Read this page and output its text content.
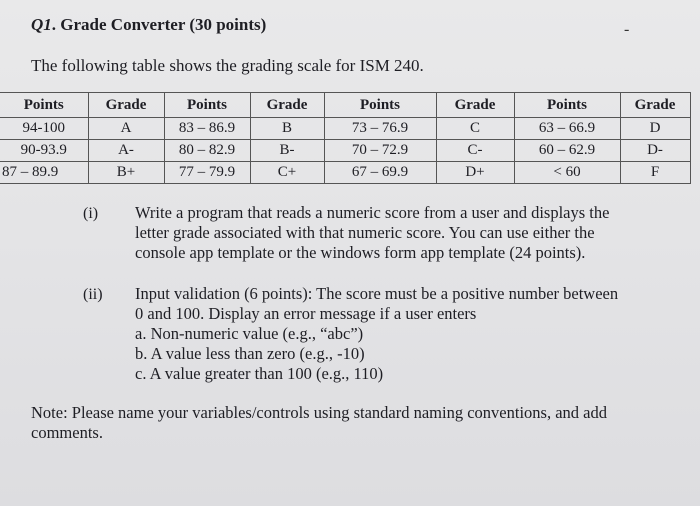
Q1. Grade Converter (30 points)	-
The following table shows the grading scale for ISM 240.
Points	Grade	Points	Grade	Points	Grade	Points	Grade
94-100	A	83 – 86.9	B	73 – 76.9	C	63 – 66.9	D
90-93.9	A-	80 – 82.9	B-	70 – 72.9	C-	60 – 62.9	D-
87 – 89.9	B+	77 – 79.9	C+	67 – 69.9	D+	< 60	F
(i) Write a program that reads a numeric score from a user and displays the
letter grade associated with that numeric score. You can use either the
console app template or the windows form app template (24 points).
(ii) Input validation (6 points): The score must be a positive number between
0 and 100. Display an error message if a user enters
a. Non-numeric value (e.g., “abc”)
b. A value less than zero (e.g., -10)
c. A value greater than 100 (e.g., 110)
Note: Please name your variables/controls using standard naming conventions, and add comments.
